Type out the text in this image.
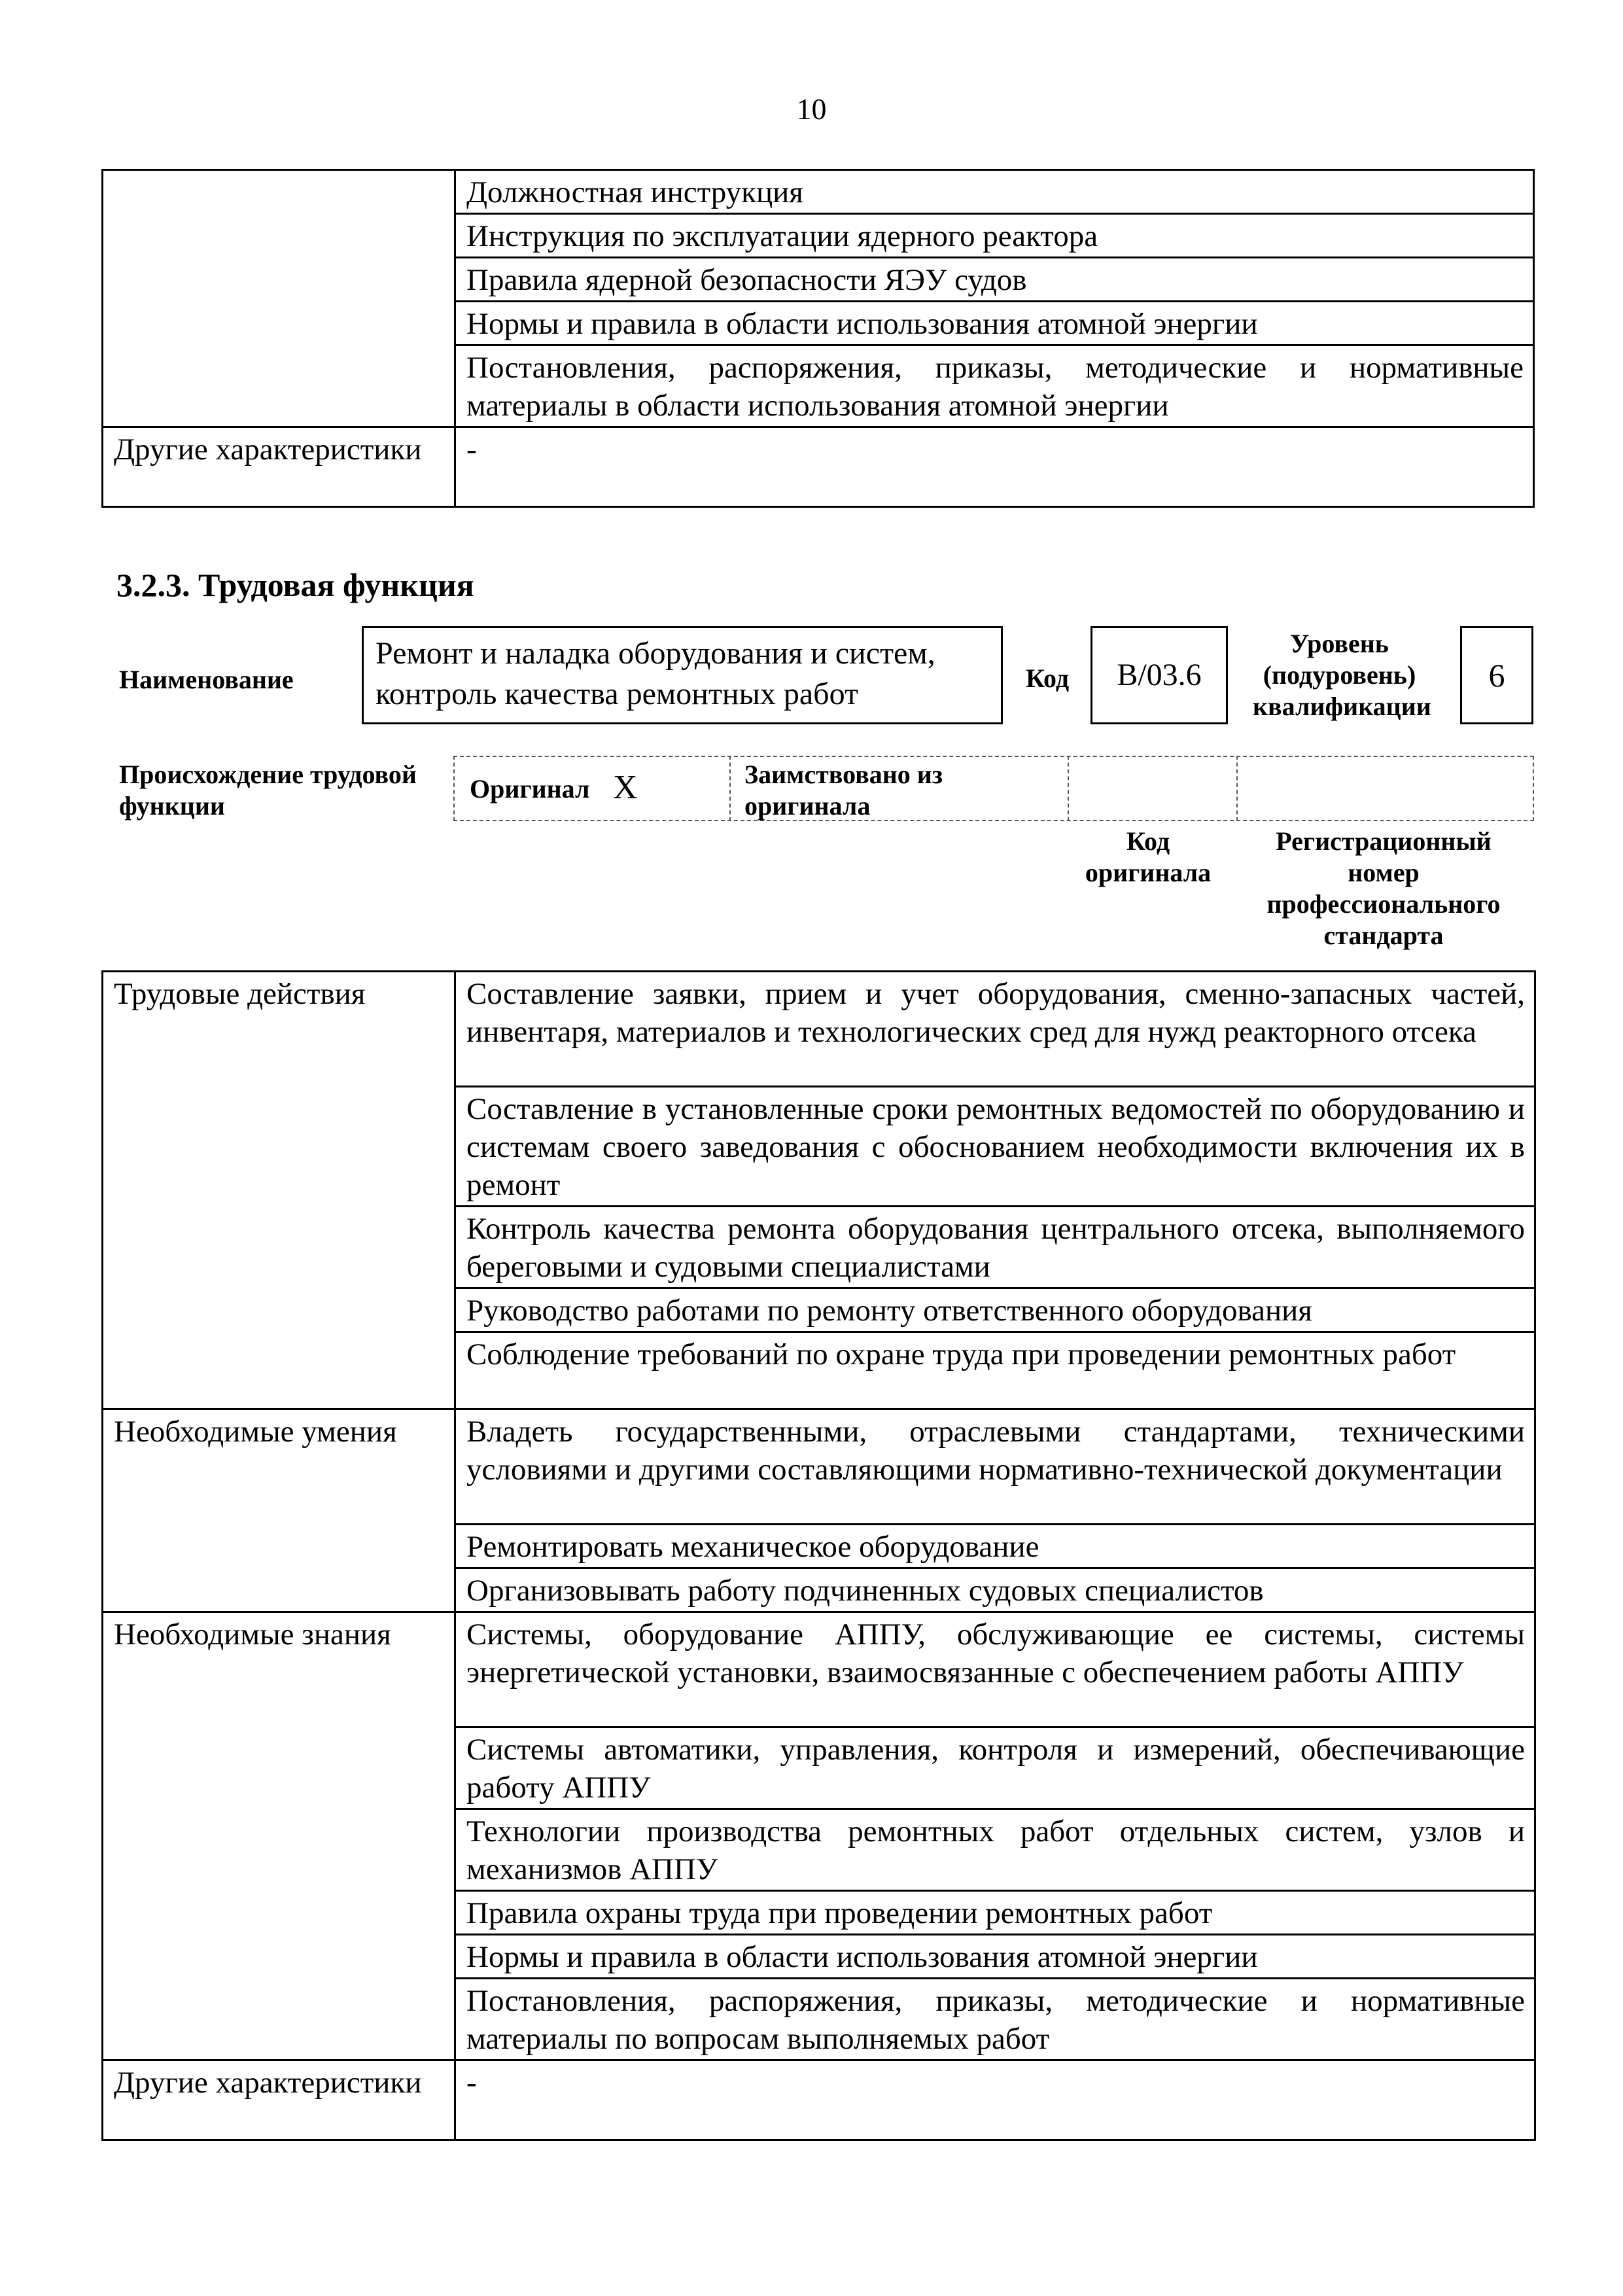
10
	Должностная инструкция
	Инструкция по эксплуатации ядерного реактора
	Правила ядерной безопасности ЯЭУ судов
	Нормы и правила в области использования атомной энергии
	Постановления, распоряжения, приказы, методические и нормативные материалы в области использования атомной энергии
Другие характеристики	-
3.2.3. Трудовая функция
Наименование
Ремонт и наладка оборудования и систем, контроль качества ремонтных работ	Код	B/03.6
Уровень (подуровень) квалификации
6
Происхождение трудовой функции
Оригинал X	Заимствовано из оригинала
Код оригинала
Регистрационный номер профессионального стандарта
Трудовые действия	Составление заявки, прием и учет оборудования, сменно-запасных частей, инвентаря, материалов и технологических сред для нужд реакторного отсека
	Составление в установленные сроки ремонтных ведомостей по оборудованию и системам своего заведования с обоснованием необходимости включения их в ремонт
	Контроль качества ремонта оборудования центрального отсека, выполняемого береговыми и судовыми специалистами
	Руководство работами по ремонту ответственного оборудования
	Соблюдение требований по охране труда при проведении ремонтных работ
Необходимые умения	Владеть государственными, отраслевыми стандартами, техническими условиями и другими составляющими нормативно-технической документации
	Ремонтировать механическое оборудование
	Организовывать работу подчиненных судовых специалистов
Необходимые знания	Системы, оборудование АППУ, обслуживающие ее системы, системы энергетической установки, взаимосвязанные с обеспечением работы АППУ
	Системы автоматики, управления, контроля и измерений, обеспечивающие работу АППУ
	Технологии производства ремонтных работ отдельных систем, узлов и механизмов АППУ
	Правила охраны труда при проведении ремонтных работ
	Нормы и правила в области использования атомной энергии
	Постановления, распоряжения, приказы, методические и нормативные материалы по вопросам выполняемых работ
Другие характеристики	-
